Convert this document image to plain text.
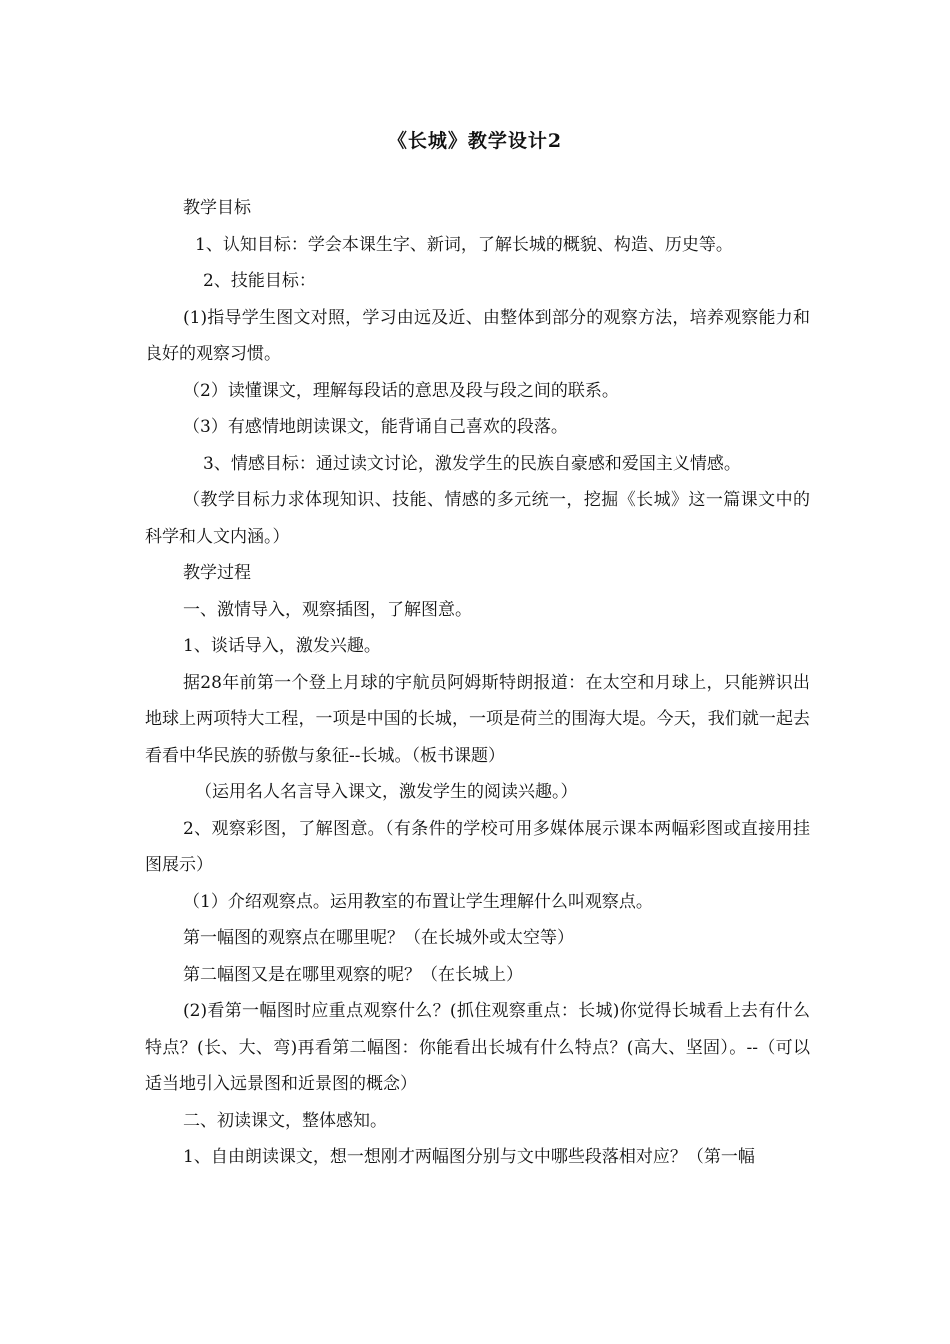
《长城》教学设计2

教学目标

1、认知目标：学会本课生字、新词，了解长城的概貌、构造、历史等。

2、技能目标：

(1)指导学生图文对照，学习由远及近、由整体到部分的观察方法，培养观察能力和良好的观察习惯。

（2）读懂课文，理解每段话的意思及段与段之间的联系。

（3）有感情地朗读课文，能背诵自己喜欢的段落。

3、情感目标：通过读文讨论，激发学生的民族自豪感和爱国主义情感。

（教学目标力求体现知识、技能、情感的多元统一，挖掘《长城》这一篇课文中的科学和人文内涵。）

教学过程

一、激情导入，观察插图，了解图意。

1、谈话导入，激发兴趣。

据28年前第一个登上月球的宇航员阿姆斯特朗报道：在太空和月球上，只能辨识出地球上两项特大工程，一项是中国的长城，一项是荷兰的围海大堤。今天，我们就一起去看看中华民族的骄傲与象征--长城。（板书课题）

（运用名人名言导入课文，激发学生的阅读兴趣。）

2、观察彩图，了解图意。（有条件的学校可用多媒体展示课本两幅彩图或直接用挂图展示）

（1）介绍观察点。运用教室的布置让学生理解什么叫观察点。

第一幅图的观察点在哪里呢？（在长城外或太空等）

第二幅图又是在哪里观察的呢？（在长城上）

(2)看第一幅图时应重点观察什么？(抓住观察重点：长城)你觉得长城看上去有什么特点？(长、大、弯)再看第二幅图：你能看出长城有什么特点？(高大、坚固）。--（可以适当地引入远景图和近景图的概念）

二、初读课文，整体感知。

1、自由朗读课文，想一想刚才两幅图分别与文中哪些段落相对应？（第一幅
